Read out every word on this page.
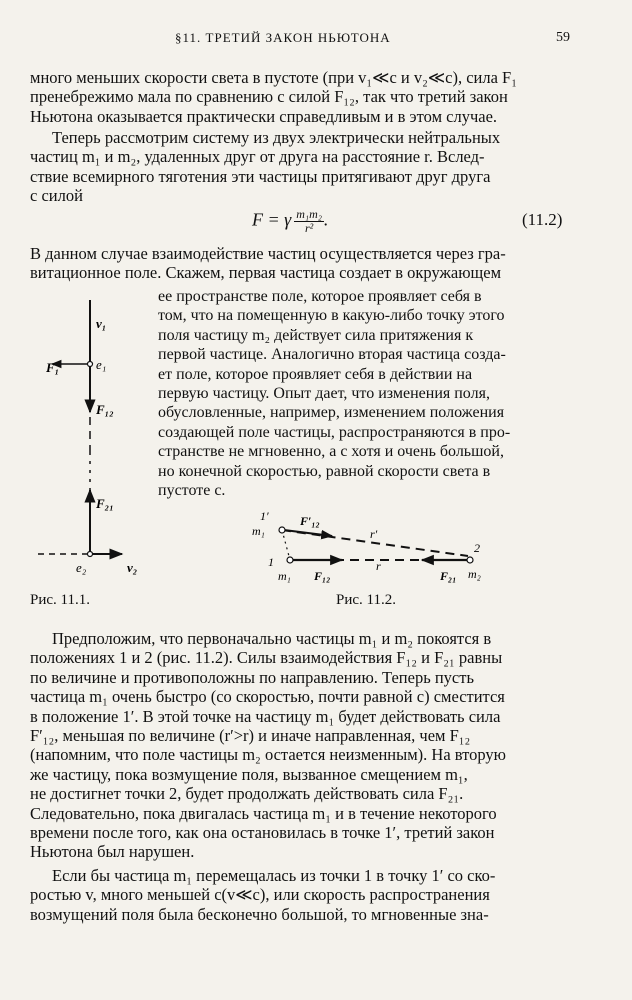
§11. ТРЕТИЙ ЗАКОН НЬЮТОНА	59
много меньших скорости света в пустоте (при v₁≪c и v₂≪c), сила F₁
пренебрежимо мала по сравнению с силой F₁₂, так что третий закон
Ньютона оказывается практически справедливым и в этом случае.
Теперь рассмотрим систему из двух электрически нейтральных
частиц m₁ и m₂, удаленных друг от друга на расстояние r. Вслед-
ствие всемирного тяготения эти частицы притягивают друг друга
с силой
F = γ $\frac{\text{m₁m₂}}{\text{r²}}$ .	(11.2)
В данном случае взаимодействие частиц осуществляется через гра-
витационное поле. Скажем, первая частица создает в окружающем
ее пространстве поле, которое проявляет себя в
том, что на помещенную в какую-либо точку этого
поля частицу m₂ действует сила притяжения к
первой частице. Аналогично вторая частица созда-
ет поле, которое проявляет себя в действии на
первую частицу. Опыт дает, что изменения поля,
обусловленные, например, изменением положения
создающей поле частицы, распространяются в про-
странстве не мгновенно, а с хотя и очень большой,
но конечной скоростью, равной скорости света в
пустоте c.
v₁
F₁	e₁
F₁₂
F₂₁
e₂	v₂
1′
m₁
F′₁₂
r′
1
m₁ F₁₂
r
2
F₂₁ m₂
Рис. 11.1.	Рис. 11.2.
Предположим, что первоначально частицы m₁ и m₂ покоятся в
положениях 1 и 2 (рис. 11.2). Силы взаимодействия F₁₂ и F₂₁ равны
по величине и противоположны по направлению. Теперь пусть
частица m₁ очень быстро (со скоростью, почти равной c) сместится
в положение 1′. В этой точке на частицу m₁ будет действовать сила
F′₁₂, меньшая по величине (r′>r) и иначе направленная, чем F₁₂
(напомним, что поле частицы m₂ остается неизменным). На вторую
же частицу, пока возмущение поля, вызванное смещением m₁,
не достигнет точки 2, будет продолжать действовать сила F₂₁.
Следовательно, пока двигалась частица m₁ и в течение некоторого
времени после того, как она остановилась в точке 1′, третий закон
Ньютона был нарушен.
Если бы частица m₁ перемещалась из точки 1 в точку 1′ со ско-
ростью v, много меньшей c(v≪c), или скорость распространения
возмущений поля была бесконечно большой, то мгновенные зна-
